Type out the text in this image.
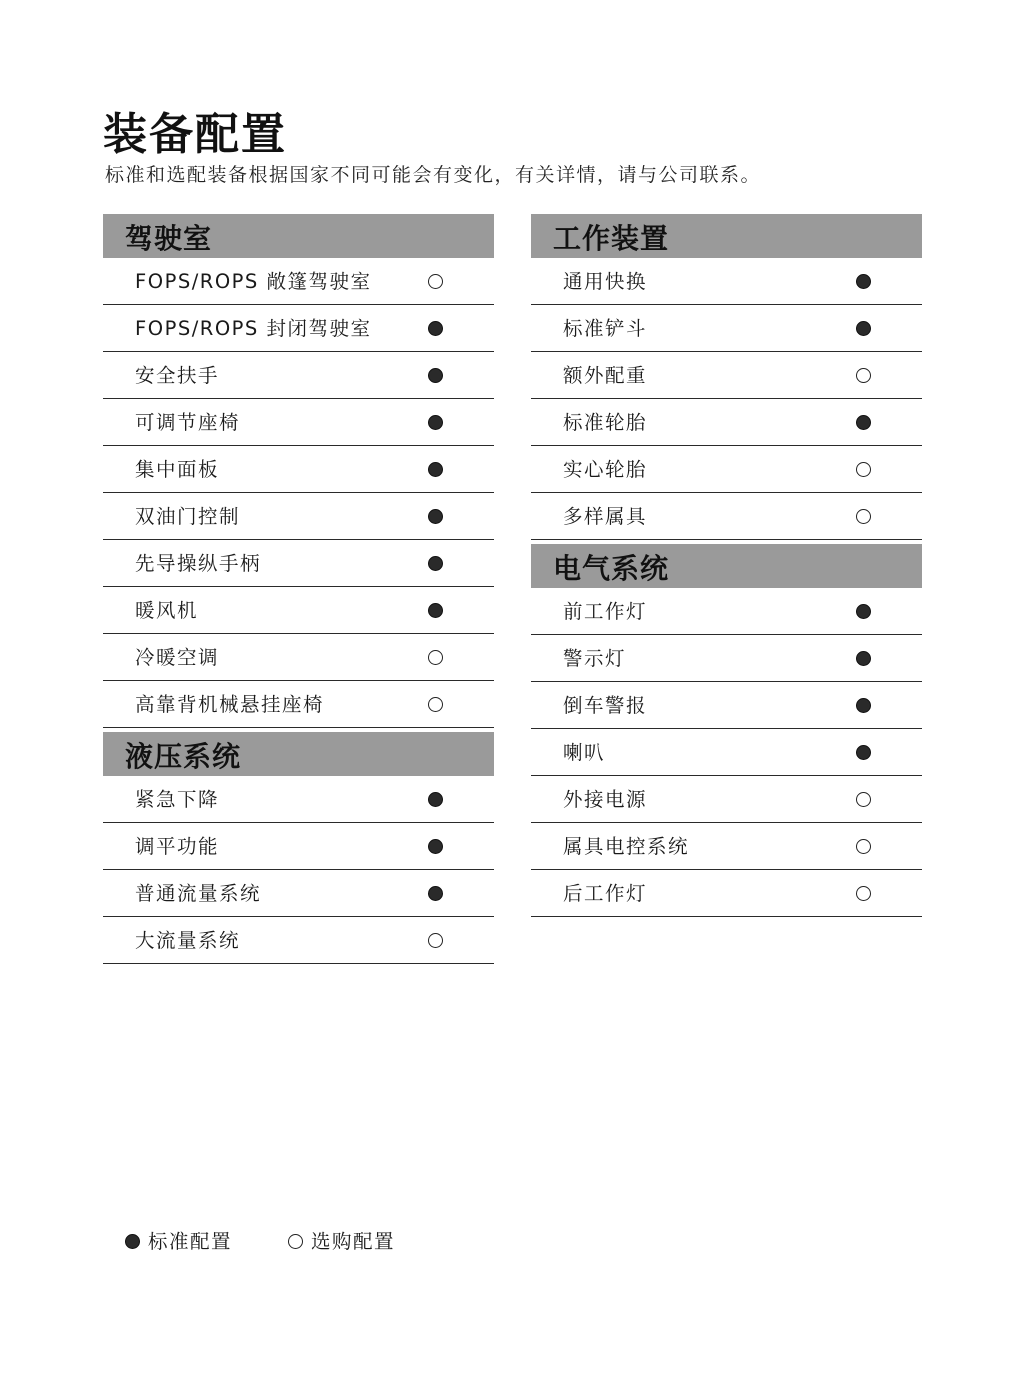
装备配置
标准和选配装备根据国家不同可能会有变化，有关详情，请与公司联系。
驾驶室
FOPS/ROPS 敞篷驾驶室
FOPS/ROPS 封闭驾驶室
安全扶手
可调节座椅
集中面板
双油门控制
先导操纵手柄
暖风机
冷暖空调
高靠背机械悬挂座椅
液压系统
紧急下降
调平功能
普通流量系统
大流量系统
工作装置
通用快换
标准铲斗
额外配重
标准轮胎
实心轮胎
多样属具
电气系统
前工作灯
警示灯
倒车警报
喇叭
外接电源
属具电控系统
后工作灯
标准配置	选购配置
